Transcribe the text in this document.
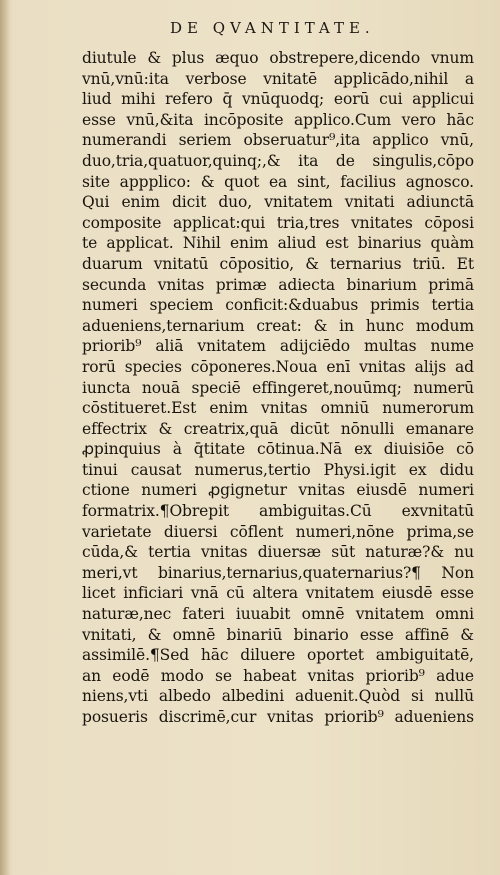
DE QVANTITATE.
diutule & plus æquo obstrepere,dicendo vnum
vnū,vnū:ita verbose vnitatē applicādo,nihil a
liud mihi refero q̄ vnūquodq; eorū cui applicui
esse vnū,&ita incōposite applico.Cum vero hāc
numerandi seriem obseruatur⁹,ita applico vnū,
duo,tria,quatuor,quinq;,& ita de singulis,cōpo
site appplico: & quot ea sint, facilius agnosco.
Qui enim dicit duo, vnitatem vnitati adiunctā
composite applicat:qui tria,tres vnitates cōposi
te applicat. Nihil enim aliud est binarius quàm
duarum vnitatū cōpositio, & ternarius triū. Et
secunda vnitas primæ adiecta binarium primā
numeri speciem conficit:&duabus primis tertia
adueniens,ternarium creat: & in hunc modum
priorib⁹ aliā vnitatem adijciēdo multas nume
rorū species cōponeres.Noua enī vnitas alijs ad
iuncta nouā speciē effingeret,nouūmq; numerū
cōstitueret.Est enim vnitas omniū numerorum
effectrix & creatrix,quā dicūt nōnulli emanare
ꝓpinquius à q̄titate cōtinua.Nā ex diuisiōe cō
tinui causat numerus,tertio Physi.igit ex didu
ctione numeri ꝓgignetur vnitas eiusdē numeri
formatrix.¶Obrepit ambiguitas.Cū exvnitatū
varietate diuersi cōflent numeri,nōne prima,se
cūda,& tertia vnitas diuersæ sūt naturæ?& nu
meri,vt binarius,ternarius,quaternarius?¶ Non
licet inficiari vnā cū altera vnitatem eiusdē esse
naturæ,nec fateri iuuabit omnē vnitatem omni
vnitati, & omnē binariū binario esse affinē &
assimilē.¶Sed hāc diluere oportet ambiguitatē,
an eodē modo se habeat vnitas priorib⁹ adue
niens,vti albedo albedini aduenit.Quòd si nullū
posueris discrimē,cur vnitas priorib⁹ adueniens
